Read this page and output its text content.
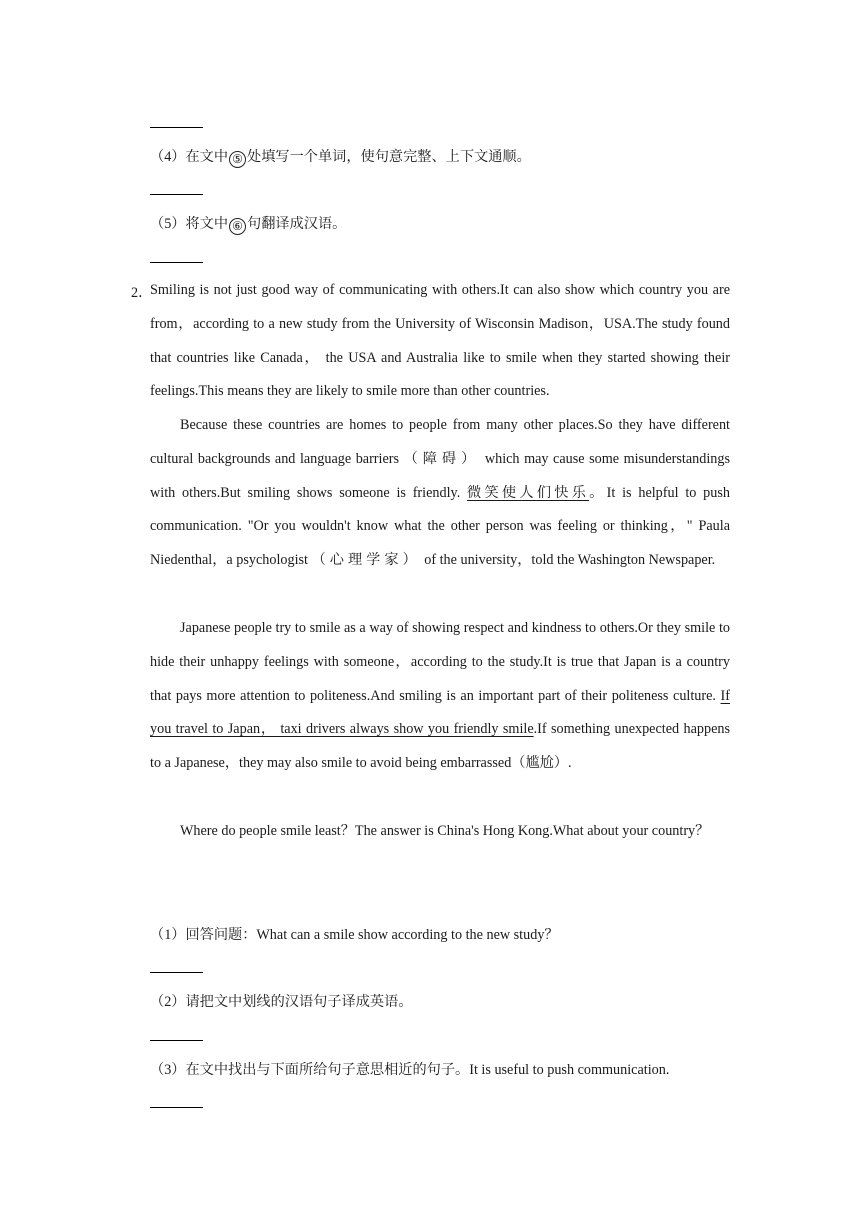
（4）在文中 ⑤ 处填写一个单词，使句意完整、上下文通顺。
（5）将文中 ⑥ 句翻译成汉语。
2．
Smiling is not just good way of communicating with others.It can also show which country you are from，according to a new study from the University of Wisconsin Madison，USA.The study found that countries like Canada， the USA and Australia like to smile when they started showing their feelings.This means they are likely to smile more than other countries.
Because these countries are homes to people from many other places.So they have different cultural backgrounds and language barriers （障碍） which may cause some misunderstandings with others.But smiling shows someone is friendly. 微笑使人们快乐。It is helpful to push communication. "Or you wouldn't know what the other person was feeling or thinking，" Paula Niedenthal，a psychologist （心理学家） of the university，told the Washington Newspaper.
Japanese people try to smile as a way of showing respect and kindness to others.Or they smile to hide their unhappy feelings with someone，according to the study.It is true that Japan is a country that pays more attention to politeness.And smiling is an important part of their politeness culture. If you travel to Japan， taxi drivers always show you friendly smile.If something unexpected happens to a Japanese，they may also smile to avoid being embarrassed（尴尬）.
Where do people smile least？The answer is China's Hong Kong.What about your country？
（1）回答问题：What can a smile show according to the new study？
（2）请把文中划线的汉语句子译成英语。
（3）在文中找出与下面所给句子意思相近的句子。It is useful to push communication.
